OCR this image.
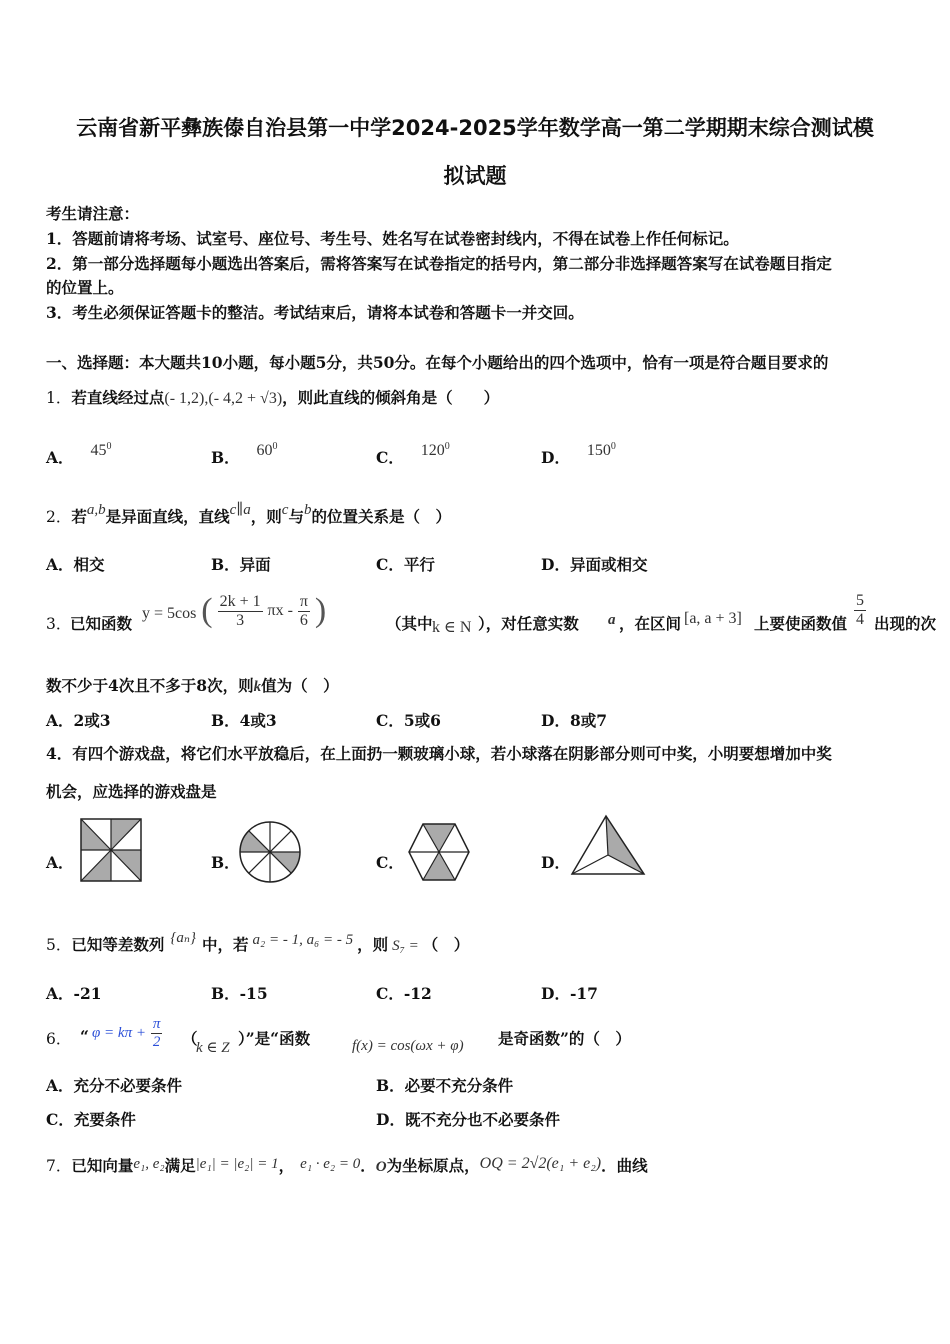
云南省新平彝族傣自治县第一中学2024-2025学年数学高一第二学期期末综合测试模
拟试题
考生请注意：
1．答题前请将考场、试室号、座位号、考生号、姓名写在试卷密封线内，不得在试卷上作任何标记。
2．第一部分选择题每小题选出答案后，需将答案写在试卷指定的括号内，第二部分非选择题答案写在试卷题目指定
的位置上。
3．考生必须保证答题卡的整洁。考试结束后，请将本试卷和答题卡一并交回。
一、选择题：本大题共10小题，每小题5分，共50分。在每个小题给出的四个选项中，恰有一项是符合题目要求的
1．若直线经过点(- 1,2),(- 4,2 + √3)，则此直线的倾斜角是（　　）
A． $45^0$
B． $60^0$
C． $120^0$
D． $150^0$
2．若a,b是异面直线，直线c∥a，则c与b的位置关系是（　）
A．相交	B．异面	C．平行	D．异面或相交
3．
已知函数
y = 5cos ( $\frac{2k + 1}{3}$ πx - $\frac{\pi}{6}$ )	（其中 k ∈ N ），对任意实数 a ，在区间 [a, a + 3] 上要使函数值 $\frac{5}{4}$ 出现的次
数不少于4次且不多于8次，则k值为（　）
A．2或3	B．4或3	C．5或6	D．8或7
4．有四个游戏盘，将它们水平放稳后，在上面扔一颗玻璃小球，若小球落在阴影部分则可中奖，小明要想增加中奖
机会，应选择的游戏盘是
A．	B．	C．	D．
5．已知等差数列 {aₙ} 中，若 a₂ = - 1, a₆ = - 5 ，则 S₇ = （　）
A．-21	B．-15	C．-12	D．-17
6． “ $\varphi = k\pi + \frac{\pi}{2}$ （
k ∈ Z ）”是“函数	f(x) = cos(ωx + φ) 是奇函数”的（　）
A．充分不必要条件	B．必要不充分条件
C．充要条件	D．既不充分也不必要条件
7．已知向量e₁, e₂满足|e₁| = |e₂| = 1， e₁ · e₂ = 0．O为坐标原点，OQ = 2√2(e₁ + e₂)．曲线
